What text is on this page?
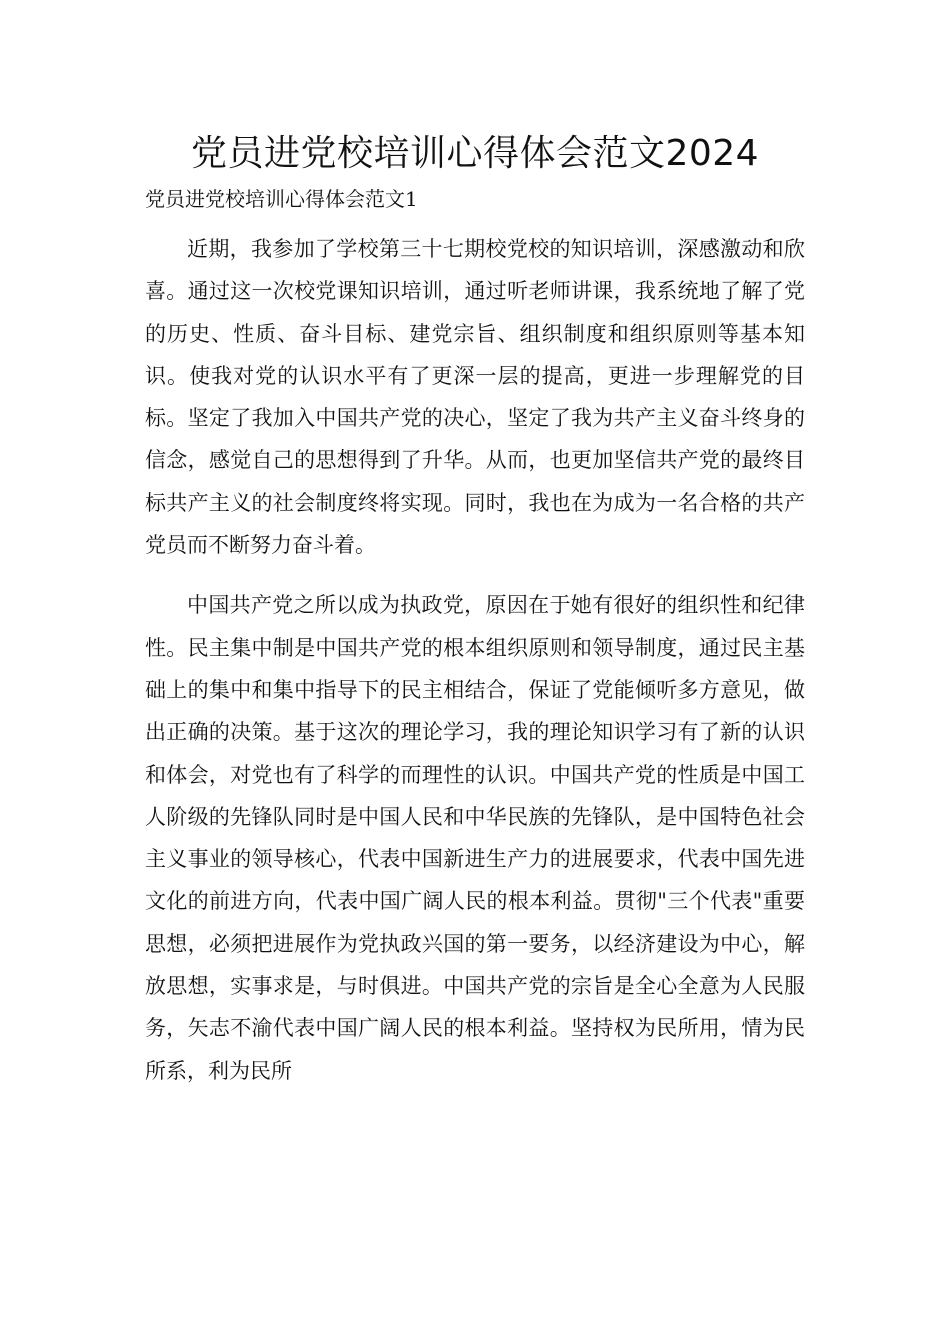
党员进党校培训心得体会范文2024

党员进党校培训心得体会范文1

近期，我参加了学校第三十七期校党校的知识培训，深感激动和欣喜。通过这一次校党课知识培训，通过听老师讲课，我系统地了解了党的历史、性质、奋斗目标、建党宗旨、组织制度和组织原则等基本知识。使我对党的认识水平有了更深一层的提高，更进一步理解党的目标。坚定了我加入中国共产党的决心，坚定了我为共产主义奋斗终身的信念，感觉自己的思想得到了升华。从而，也更加坚信共产党的最终目标共产主义的社会制度终将实现。同时，我也在为成为一名合格的共产党员而不断努力奋斗着。

中国共产党之所以成为执政党，原因在于她有很好的组织性和纪律性。民主集中制是中国共产党的根本组织原则和领导制度，通过民主基础上的集中和集中指导下的民主相结合，保证了党能倾听多方意见，做出正确的决策。基于这次的理论学习，我的理论知识学习有了新的认识和体会，对党也有了科学的而理性的认识。中国共产党的性质是中国工人阶级的先锋队同时是中国人民和中华民族的先锋队，是中国特色社会主义事业的领导核心，代表中国新进生产力的进展要求，代表中国先进文化的前进方向，代表中国广阔人民的根本利益。贯彻"三个代表"重要思想，必须把进展作为党执政兴国的第一要务，以经济建设为中心，解放思想，实事求是，与时俱进。中国共产党的宗旨是全心全意为人民服务，矢志不渝代表中国广阔人民的根本利益。坚持权为民所用，情为民所系，利为民所
